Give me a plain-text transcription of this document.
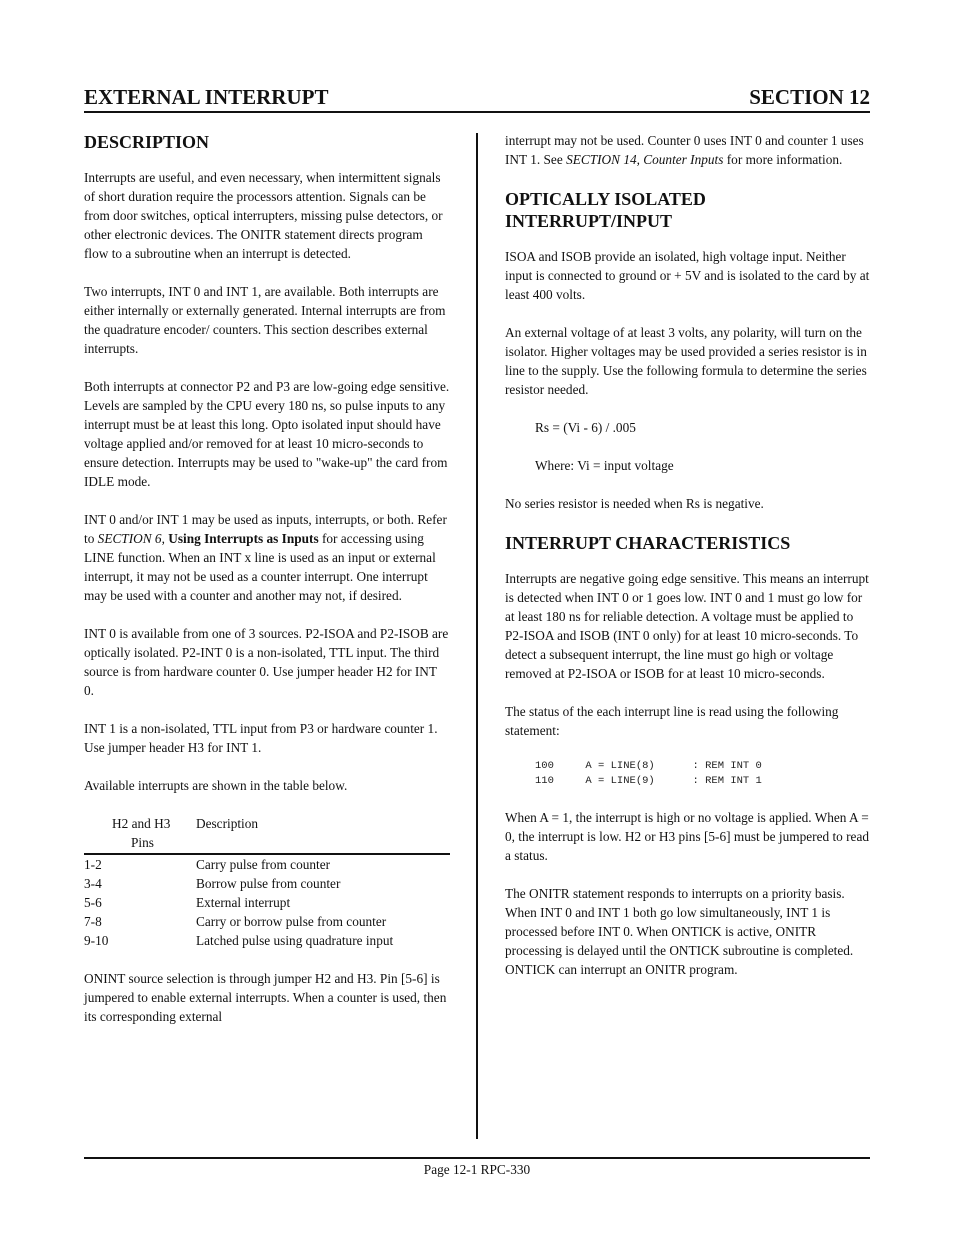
EXTERNAL INTERRUPT	SECTION 12
DESCRIPTION

Interrupts are useful, and even necessary, when intermittent signals of short duration require the processors attention. Signals can be from door switches, optical interrupters, missing pulse detectors, or other electronic devices. The ONITR statement directs program flow to a subroutine when an interrupt is detected.

Two interrupts, INT 0 and INT 1, are available. Both interrupts are either internally or externally generated. Internal interrupts are from the quadrature encoder/ counters. This section describes external interrupts.

Both interrupts at connector P2 and P3 are low-going edge sensitive. Levels are sampled by the CPU every 180 ns, so pulse inputs to any interrupt must be at least this long. Opto isolated input should have voltage applied and/or removed for at least 10 micro-seconds to ensure detection. Interrupts may be used to "wake-up" the card from IDLE mode.

INT 0 and/or INT 1 may be used as inputs, interrupts, or both. Refer to SECTION 6, Using Interrupts as Inputs for accessing using LINE function. When an INT x line is used as an input or external interrupt, it may not be used as a counter interrupt. One interrupt may be used with a counter and another may not, if desired.

INT 0 is available from one of 3 sources. P2-ISOA and P2-ISOB are optically isolated. P2-INT 0 is a non-isolated, TTL input. The third source is from hardware counter 0. Use jumper header H2 for INT 0.

INT 1 is a non-isolated, TTL input from P3 or hardware counter 1. Use jumper header H3 for INT 1.

Available interrupts are shown in the table below.

H2 and H3
Pins	Description
1-2	Carry pulse from counter
3-4	Borrow pulse from counter
5-6	External interrupt
7-8	Carry or borrow pulse from counter
9-10	Latched pulse using quadrature input

ONINT source selection is through jumper H2 and H3. Pin [5-6] is jumpered to enable external interrupts. When a counter is used, then its corresponding external

interrupt may not be used. Counter 0 uses INT 0 and counter 1 uses INT 1. See SECTION 14, Counter Inputs for more information.

OPTICALLY ISOLATED INTERRUPT/INPUT

ISOA and ISOB provide an isolated, high voltage input. Neither input is connected to ground or + 5V and is isolated to the card by at least 400 volts.

An external voltage of at least 3 volts, any polarity, will turn on the isolator. Higher voltages may be used provided a series resistor is in line to the supply. Use the following formula to determine the series resistor needed.

Rs = (Vi - 6) / .005

Where: Vi = input voltage

No series resistor is needed when Rs is negative.

INTERRUPT CHARACTERISTICS

Interrupts are negative going edge sensitive. This means an interrupt is detected when INT 0 or 1 goes low. INT 0 and 1 must go low for at least 180 ns for reliable detection. A voltage must be applied to P2-ISOA and ISOB (INT 0 only) for at least 10 micro-seconds. To detect a subsequent interrupt, the line must go high or voltage removed at P2-ISOA or ISOB for at least 10 micro-seconds.

The status of the each interrupt line is read using the following statement:

100     A = LINE(8)      : REM INT 0
110     A = LINE(9)      : REM INT 1

When A = 1, the interrupt is high or no voltage is applied. When A = 0, the interrupt is low. H2 or H3 pins [5-6] must be jumpered to read a status.

The ONITR statement responds to interrupts on a priority basis. When INT 0 and INT 1 both go low simultaneously, INT 1 is processed before INT 0. When ONTICK is active, ONITR processing is delayed until the ONTICK subroutine is completed. ONTICK can interrupt an ONITR program.

Page 12-1 RPC-330
